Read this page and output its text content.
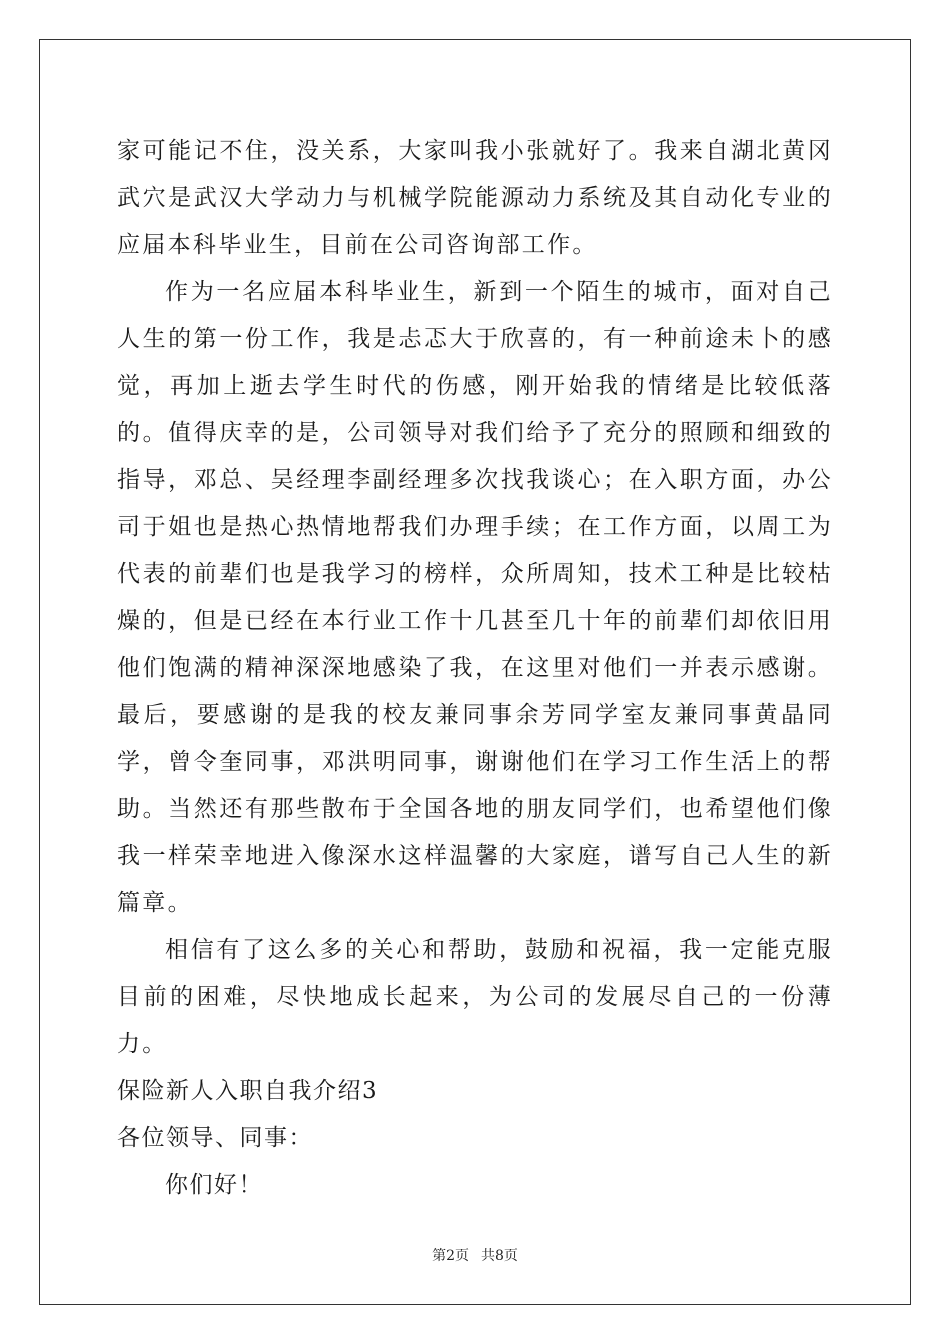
家可能记不住，没关系，大家叫我小张就好了。我来自湖北黄冈武穴是武汉大学动力与机械学院能源动力系统及其自动化专业的应届本科毕业生，目前在公司咨询部工作。

作为一名应届本科毕业生，新到一个陌生的城市，面对自己人生的第一份工作，我是忐忑大于欣喜的，有一种前途未卜的感觉，再加上逝去学生时代的伤感，刚开始我的情绪是比较低落的。值得庆幸的是，公司领导对我们给予了充分的照顾和细致的指导，邓总、吴经理李副经理多次找我谈心；在入职方面，办公司于姐也是热心热情地帮我们办理手续；在工作方面，以周工为代表的前辈们也是我学习的榜样，众所周知，技术工种是比较枯燥的，但是已经在本行业工作十几甚至几十年的前辈们却依旧用他们饱满的精神深深地感染了我，在这里对他们一并表示感谢。最后，要感谢的是我的校友兼同事余芳同学室友兼同事黄晶同学，曾令奎同事，邓洪明同事，谢谢他们在学习工作生活上的帮助。当然还有那些散布于全国各地的朋友同学们，也希望他们像我一样荣幸地进入像深水这样温馨的大家庭，谱写自己人生的新篇章。

相信有了这么多的关心和帮助，鼓励和祝福，我一定能克服目前的困难，尽快地成长起来，为公司的发展尽自己的一份薄力。

保险新人入职自我介绍3

各位领导、同事：

你们好！

第2页 共8页
